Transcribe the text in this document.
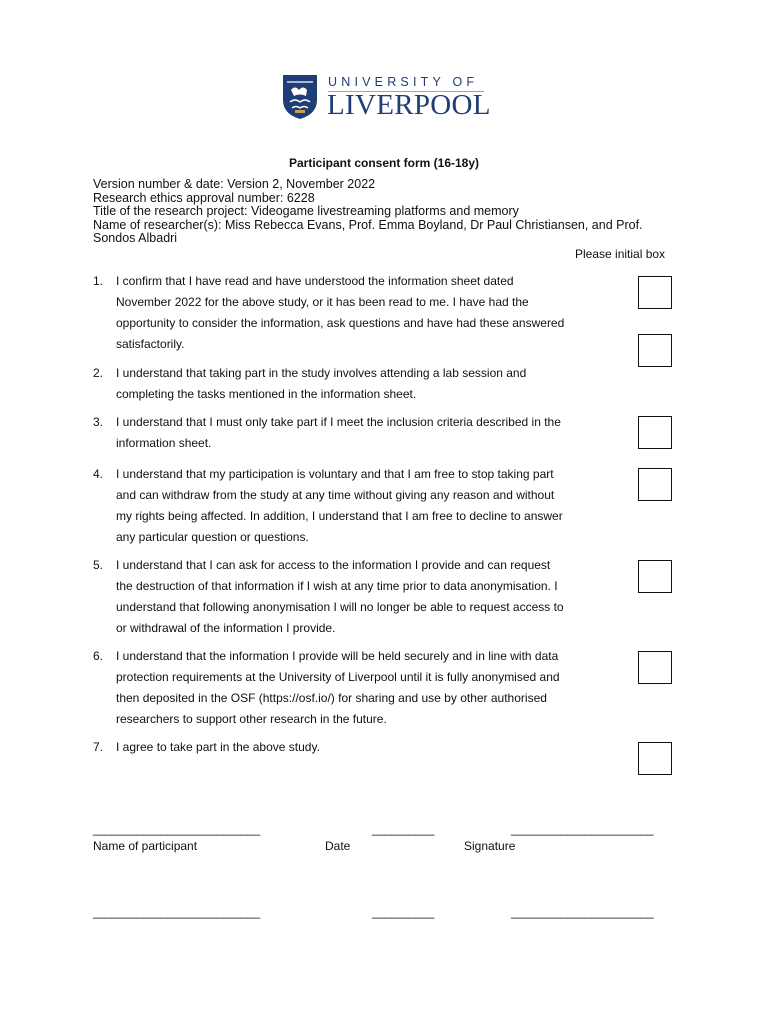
UNIVERSITY OF
LIVERPOOL
Participant consent form (16-18y)
Version number & date: Version 2, November 2022
Research ethics approval number: 6228
Title of the research project: Videogame livestreaming platforms and memory
Name of researcher(s): Miss Rebecca Evans, Prof. Emma Boyland, Dr Paul Christiansen, and Prof.
Sondos Albadri
Please initial box
1. I confirm that I have read and have understood the information sheet dated
November 2022 for the above study, or it has been read to me. I have had the
opportunity to consider the information, ask questions and have had these answered
satisfactorily.
2. I understand that taking part in the study involves attending a lab session and
completing the tasks mentioned in the information sheet.
3. I understand that I must only take part if I meet the inclusion criteria described in the
information sheet.
4. I understand that my participation is voluntary and that I am free to stop taking part
and can withdraw from the study at any time without giving any reason and without
my rights being affected. In addition, I understand that I am free to decline to answer
any particular question or questions.
5. I understand that I can ask for access to the information I provide and can request
the destruction of that information if I wish at any time prior to data anonymisation. I
understand that following anonymisation I will no longer be able to request access to
or withdrawal of the information I provide.
6. I understand that the information I provide will be held securely and in line with data
protection requirements at the University of Liverpool until it is fully anonymised and
then deposited in the OSF (https://osf.io/) for sharing and use by other authorised
researchers to support other research in the future.
7. I agree to take part in the above study.
___________________________	__________	_______________________
Name of participant	Date	Signature
___________________________	__________	_______________________
